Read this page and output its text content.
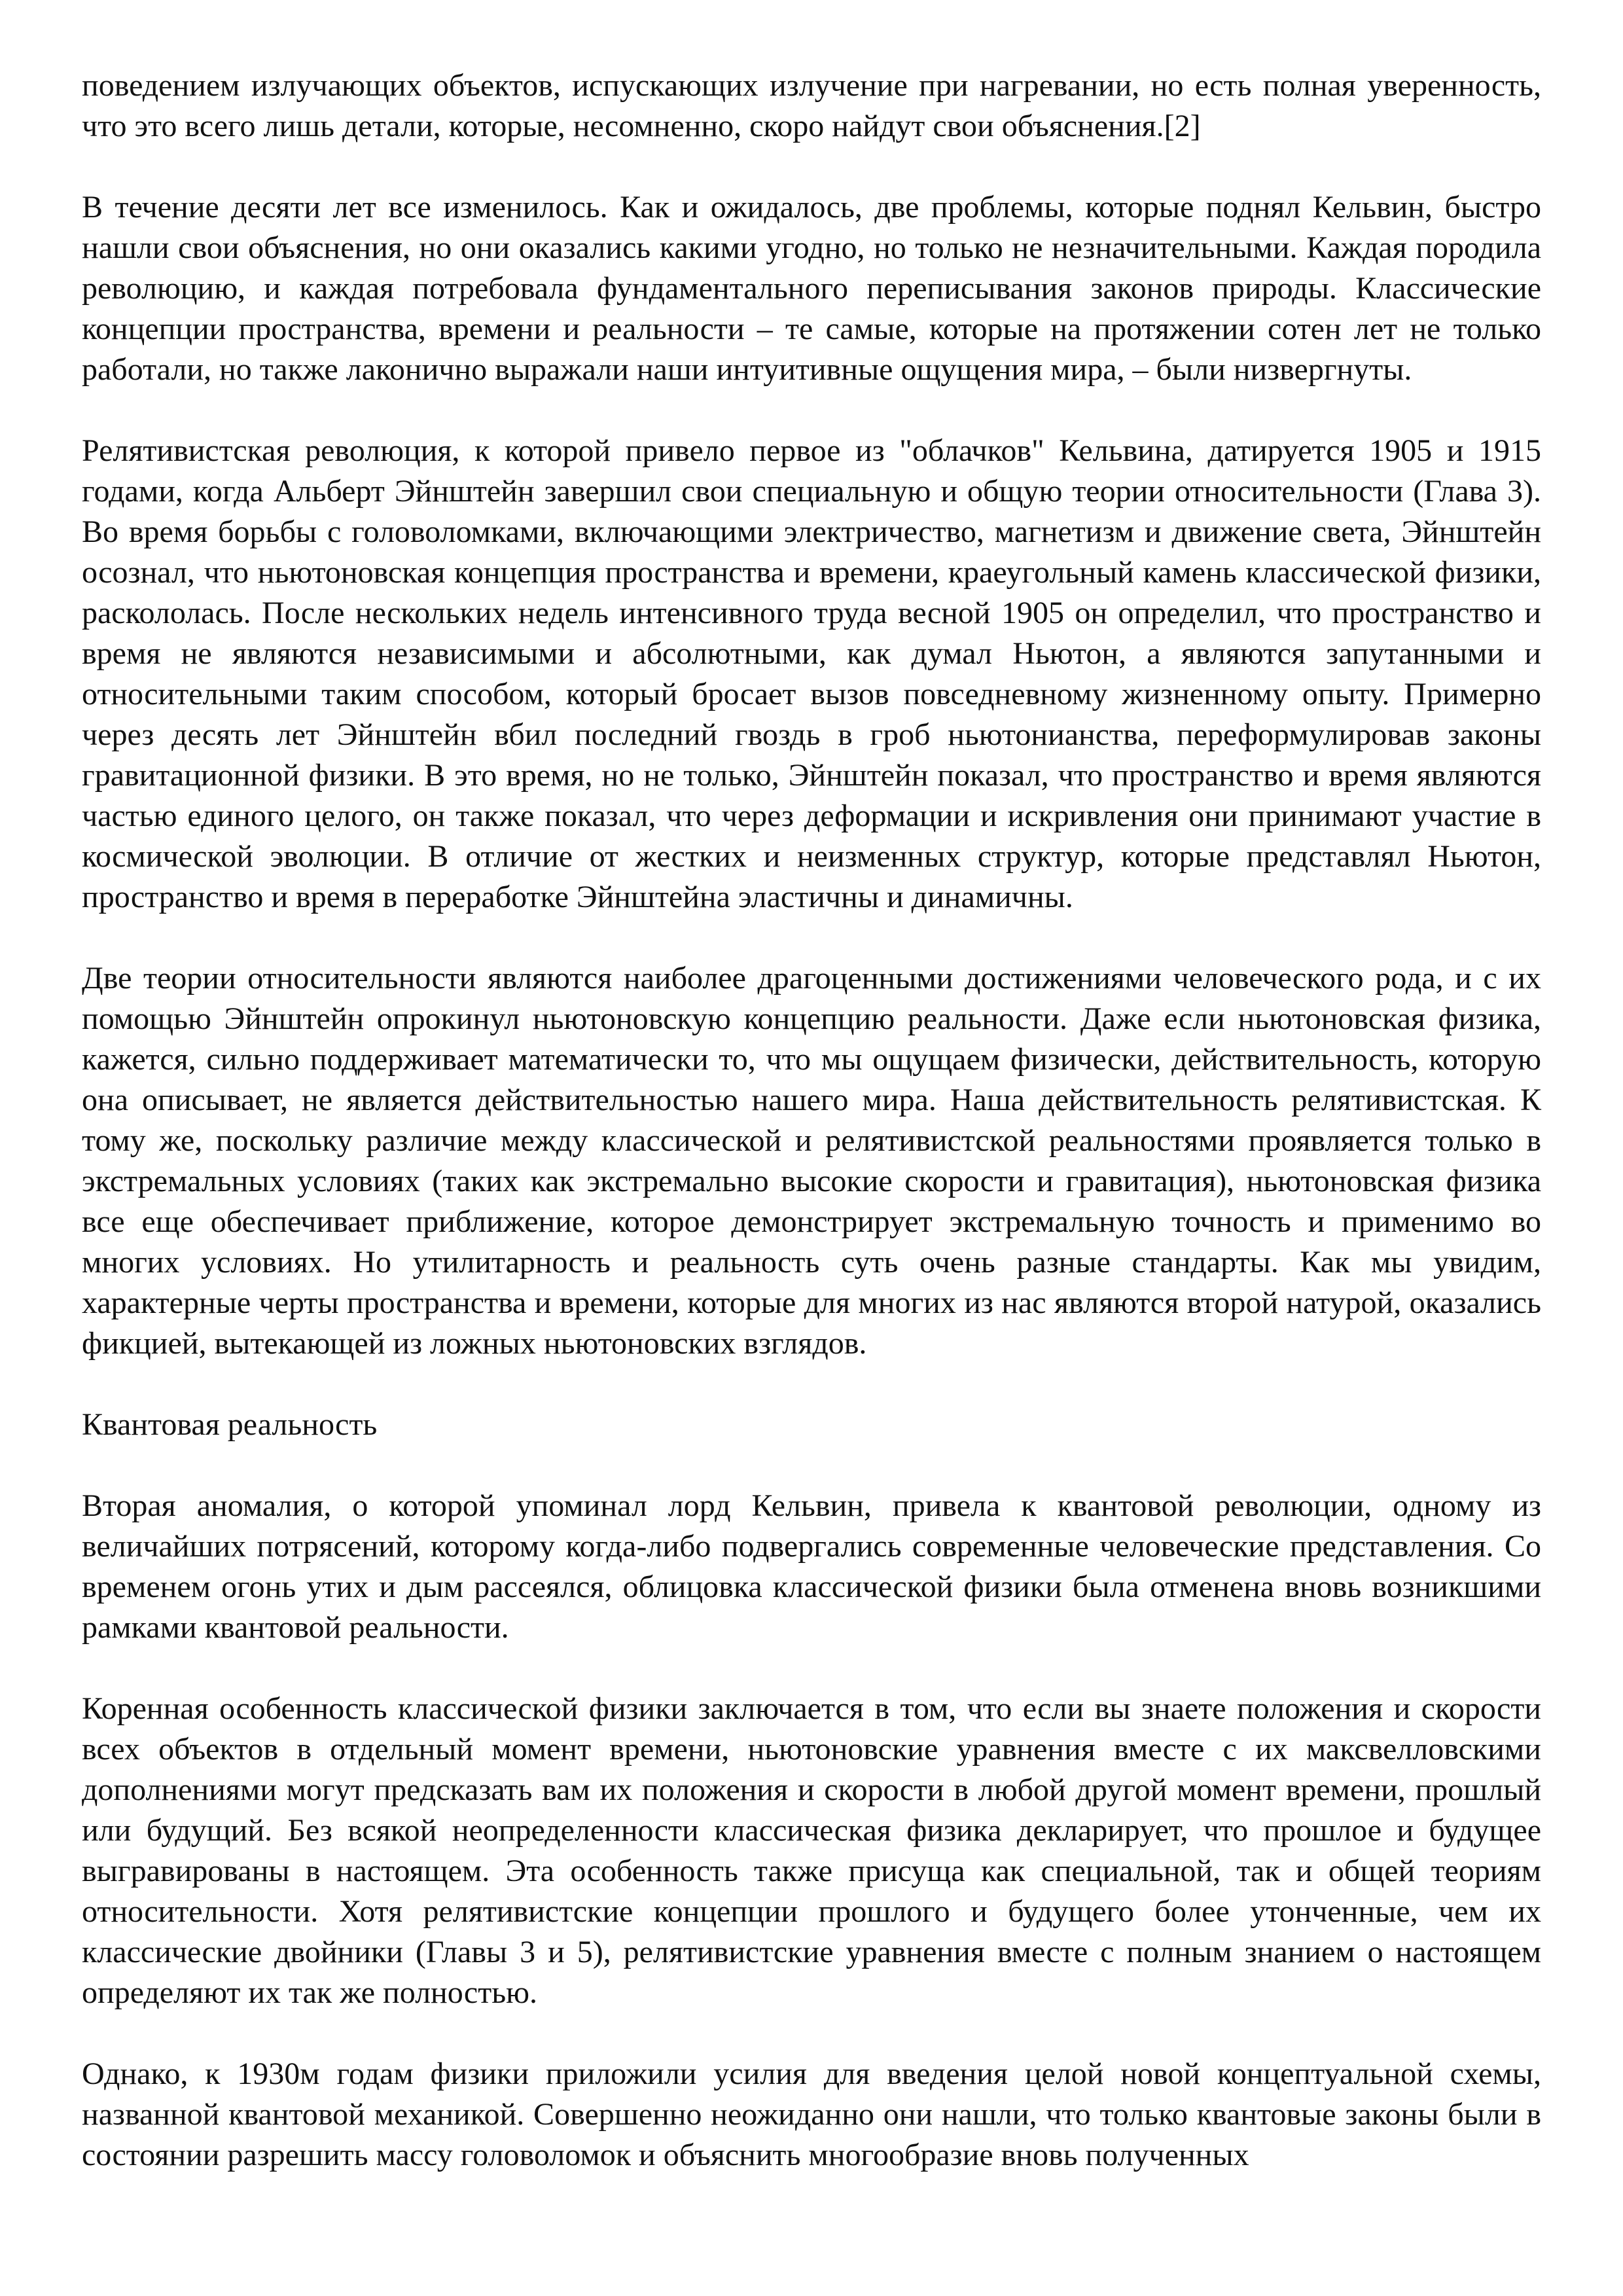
поведением излучающих объектов, испускающих излучение при нагревании, но есть полная уверенность, что это всего лишь детали, которые, несомненно, скоро найдут свои объяснения.[2]

В течение десяти лет все изменилось. Как и ожидалось, две проблемы, которые поднял Кельвин, быстро нашли свои объяснения, но они оказались какими угодно, но только не незначительными. Каждая породила революцию, и каждая потребовала фундаментального переписывания законов природы. Классические концепции пространства, времени и реальности – те самые, которые на протяжении сотен лет не только работали, но также лаконично выражали наши интуитивные ощущения мира, – были низвергнуты.

Релятивистская революция, к которой привело первое из "облачков" Кельвина, датируется 1905 и 1915 годами, когда Альберт Эйнштейн завершил свои специальную и общую теории относительности (Глава 3). Во время борьбы с головоломками, включающими электричество, магнетизм и движение света, Эйнштейн осознал, что ньютоновская концепция пространства и времени, краеугольный камень классической физики, раскололась. После нескольких недель интенсивного труда весной 1905 он определил, что пространство и время не являются независимыми и абсолютными, как думал Ньютон, а являются запутанными и относительными таким способом, который бросает вызов повседневному жизненному опыту. Примерно через десять лет Эйнштейн вбил последний гвоздь в гроб ньютонианства, переформулировав законы гравитационной физики. В это время, но не только, Эйнштейн показал, что пространство и время являются частью единого целого, он также показал, что через деформации и искривления они принимают участие в космической эволюции. В отличие от жестких и неизменных структур, которые представлял Ньютон, пространство и время в переработке Эйнштейна эластичны и динамичны.

Две теории относительности являются наиболее драгоценными достижениями человеческого рода, и с их помощью Эйнштейн опрокинул ньютоновскую концепцию реальности. Даже если ньютоновская физика, кажется, сильно поддерживает математически то, что мы ощущаем физически, действительность, которую она описывает, не является действительностью нашего мира. Наша действительность релятивистская. К тому же, поскольку различие между классической и релятивистской реальностями проявляется только в экстремальных условиях (таких как экстремально высокие скорости и гравитация), ньютоновская физика все еще обеспечивает приближение, которое демонстрирует экстремальную точность и применимо во многих условиях. Но утилитарность и реальность суть очень разные стандарты. Как мы увидим, характерные черты пространства и времени, которые для многих из нас являются второй натурой, оказались фикцией, вытекающей из ложных ньютоновских взглядов.

Квантовая реальность

Вторая аномалия, о которой упоминал лорд Кельвин, привела к квантовой революции, одному из величайших потрясений, которому когда-либо подвергались современные человеческие представления. Со временем огонь утих и дым рассеялся, облицовка классической физики была отменена вновь возникшими рамками квантовой реальности.

Коренная особенность классической физики заключается в том, что если вы знаете положения и скорости всех объектов в отдельный момент времени, ньютоновские уравнения вместе с их максвелловскими дополнениями могут предсказать вам их положения и скорости в любой другой момент времени, прошлый или будущий. Без всякой неопределенности классическая физика декларирует, что прошлое и будущее выгравированы в настоящем. Эта особенность также присуща как специальной, так и общей теориям относительности. Хотя релятивистские концепции прошлого и будущего более утонченные, чем их классические двойники (Главы 3 и 5), релятивистские уравнения вместе с полным знанием о настоящем определяют их так же полностью.

Однако, к 1930м годам физики приложили усилия для введения целой новой концептуальной схемы, названной квантовой механикой. Совершенно неожиданно они нашли, что только квантовые законы были в состоянии разрешить массу головоломок и объяснить многообразие вновь полученных
